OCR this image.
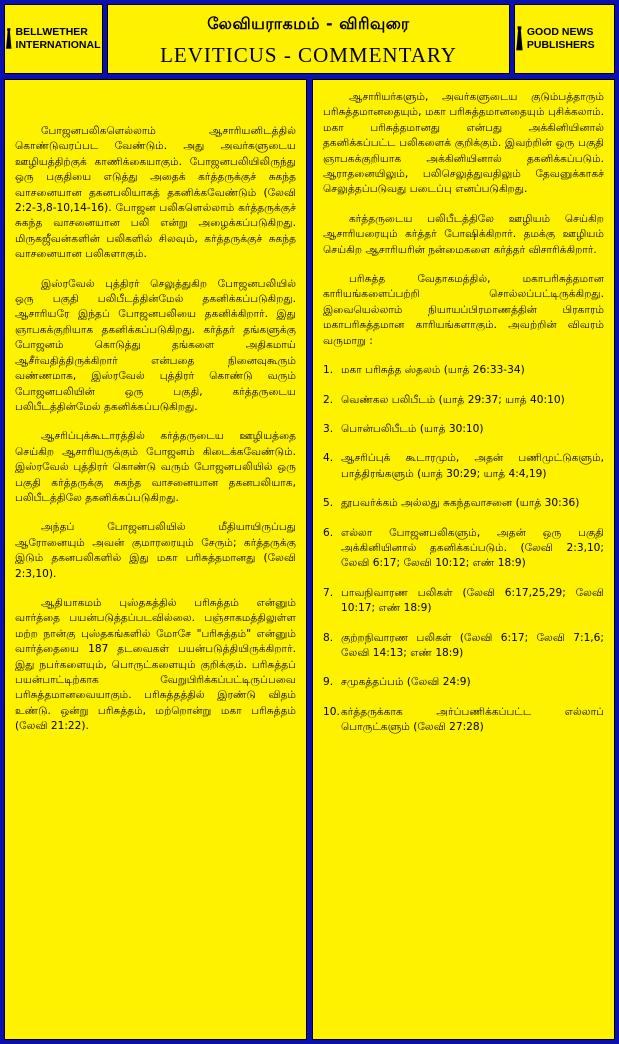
BELLWETHER INTERNATIONAL
லேவியராகமம் - விரிவுரை
LEVITICUS - COMMENTARY
GOOD NEWS PUBLISHERS

போஜனபலிகளெல்லாம் ஆசாரியனிடத்தில் கொண்டுவரப்பட வேண்டும். அது அவர்களுடைய ஊழியத்திற்குக் காணிக்கையாகும். போஜனபலியிலிருந்து ஒரு பகுதியை எடுத்து அதைக் கர்த்தருக்குச் சுகந்த வாசனையான தகனபலியாகத் தகனிக்கவேண்டும் (லேவி 2:2-3,8-10,14-16). போஜன பலிகளெல்லாம் கர்த்தருக்குச் சுகந்த வாசனையான பலி என்று அழைக்கப்படுகிறது. மிருகஜீவன்களின் பலிகளில் சிலவும், கர்த்தருக்குச் சுகந்த வாசனையான பலிகளாகும்.

இஸ்ரவேல் புத்திரர் செலுத்துகிற போஜனபலியில் ஒரு பகுதி பலிபீடத்தின்மேல் தகனிக்கப்படுகிறது. ஆசாரியரே இந்தப் போஜனபலியை தகனிக்கிறார். இது ஞாபகக்குறியாக தகனிக்கப்படுகிறது. கர்த்தர் தங்களுக்கு போஜனம் கொடுத்து தங்களை அதிகமாய் ஆசீர்வதித்திருக்கிறார் என்பதை நினைவுகூரும் வண்ணமாக, இஸ்ரவேல் புத்திரர் கொண்டு வரும் போஜனபலியின் ஒரு பகுதி, கர்த்தருடைய பலிபீடத்தின்மேல் தகனிக்கப்படுகிறது.

ஆசரிப்புக்கூடாரத்தில் கர்த்தருடைய ஊழியத்தை செய்கிற ஆசாரியருக்கும் போஜனம் கிடைக்கவேண்டும். இஸ்ரவேல் புத்திரர் கொண்டு வரும் போஜனபலியில் ஒரு பகுதி கர்த்தருக்கு சுகந்த வாசனையான தகனபலியாக, பலிபீடத்திலே தகனிக்கப்படுகிறது.

அந்தப் போஜனபலியில் மீதியாயிருப்பது ஆரோனையும் அவன் குமாரரையும் சேரும்; கர்த்தருக்கு இடும் தகனபலிகளில் இது மகா பரிசுத்தமானது (லேவி 2:3,10).

ஆதியாகமம் புஸ்தகத்தில் பரிசுத்தம் என்னும் வார்த்தை பயன்படுத்தப்படவில்லை. பஞ்சாகமத்திலுள்ள மற்ற நான்கு புஸ்தகங்களில் மோசே "பரிசுத்தம்" என்னும் வார்த்தையை 187 தடவைகள் பயன்படுத்தியிருக்கிறார். இது நபர்களையும், பொருட்களையும் குறிக்கும். பரிசுத்தப் பயன்பாட்டிற்காக வேறுபிரிக்கப்பட்டிருப்பவை பரிசுத்தமானவையாகும். பரிசுத்தத்தில் இரண்டு விதம் உண்டு. ஒன்று பரிசுத்தம், மற்றொன்று மகா பரிசுத்தம் (லேவி 21:22).

ஆசாரியர்களும், அவர்களுடைய குடும்பத்தாரும் பரிசுத்தமானதையும், மகா பரிசுத்தமானதையும் புசிக்கலாம். மகா பரிசுத்தமானது என்பது அக்கினியினால் தகனிக்கப்பட்ட பலிகளைக் குறிக்கும். இவற்றின் ஒரு பகுதி ஞாபகக்குறியாக அக்கினியினால் தகனிக்கப்படும். ஆராதனையிலும், பலிசெலுத்துவதிலும் தேவனுக்காகச் செலுத்தப்படுவது படைப்பு எனப்படுகிறது.

கர்த்தருடைய பலிபீடத்திலே ஊழியம் செய்கிற ஆசாரியரையும் கர்த்தர் போஷிக்கிறார். தமக்கு ஊழியம் செய்கிற ஆசாரியரின் நன்மைகளை கர்த்தர் விசாரிக்கிறார்.

பரிசுத்த வேதாகமத்தில், மகாபரிசுத்தமான காரியங்களைப்பற்றி சொல்லப்பட்டிருக்கிறது. இவையெல்லாம் நியாயப்பிரமாணத்தின் பிரகாரம் மகாபரிசுத்தமான காரியங்களாகும். அவற்றின் விவரம் வருமாறு :

1. மகா பரிசுத்த ஸ்தலம் (யாத் 26:33-34)
2. வெண்கல பலிபீடம் (யாத் 29:37; யாத் 40:10)
3. பொன்பலிபீடம் (யாத் 30:10)
4. ஆசரிப்புக் கூடாரமும், அதன் பணிமுட்டுகளும், பாத்திரங்களும் (யாத் 30:29; யாத் 4:4,19)
5. தூபவர்க்கம் அல்லது சுகந்தவாசனை (யாத் 30:36)
6. எல்லா போஜனபலிகளும், அதன் ஒரு பகுதி அக்கினியினால் தகனிக்கப்படும். (லேவி 2:3,10; லேவி 6:17; லேவி 10:12; எண் 18:9)
7. பாவநிவாரண பலிகள் (லேவி 6:17,25,29; லேவி 10:17; எண் 18:9)
8. குற்றநிவாரண பலிகள் (லேவி 6:17; லேவி 7:1,6; லேவி 14:13; எண் 18:9)
9. சமுகத்தப்பம் (லேவி 24:9)
10. கர்த்தருக்காக அர்ப்பணிக்கப்பட்ட எல்லாப் பொருட்களும் (லேவி 27:28)
